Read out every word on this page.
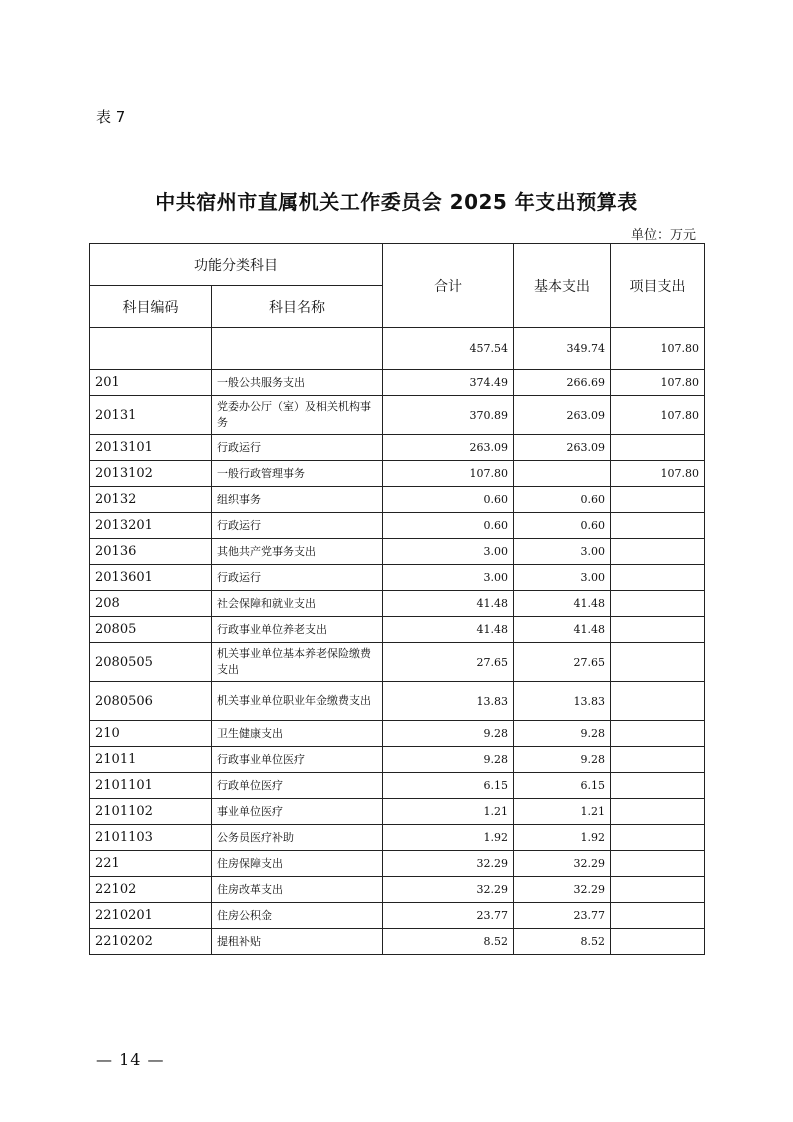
表 7
中共宿州市直属机关工作委员会 2025 年支出预算表
单位：万元
功能分类科目		合计	基本支出	项目支出
科目编码	科目名称			
		457.54	349.74	107.80
201	一般公共服务支出	374.49	266.69	107.80
20131	党委办公厅（室）及相关机构事务	370.89	263.09	107.80
2013101	行政运行	263.09	263.09	
2013102	一般行政管理事务	107.80		107.80
20132	组织事务	0.60	0.60	
2013201	行政运行	0.60	0.60	
20136	其他共产党事务支出	3.00	3.00	
2013601	行政运行	3.00	3.00	
208	社会保障和就业支出	41.48	41.48	
20805	行政事业单位养老支出	41.48	41.48	
2080505	机关事业单位基本养老保险缴费支出	27.65	27.65	
2080506	机关事业单位职业年金缴费支出	13.83	13.83	
210	卫生健康支出	9.28	9.28	
21011	行政事业单位医疗	9.28	9.28	
2101101	行政单位医疗	6.15	6.15	
2101102	事业单位医疗	1.21	1.21	
2101103	公务员医疗补助	1.92	1.92	
221	住房保障支出	32.29	32.29	
22102	住房改革支出	32.29	32.29	
2210201	住房公积金	23.77	23.77	
2210202	提租补贴	8.52	8.52	
— 14 —
